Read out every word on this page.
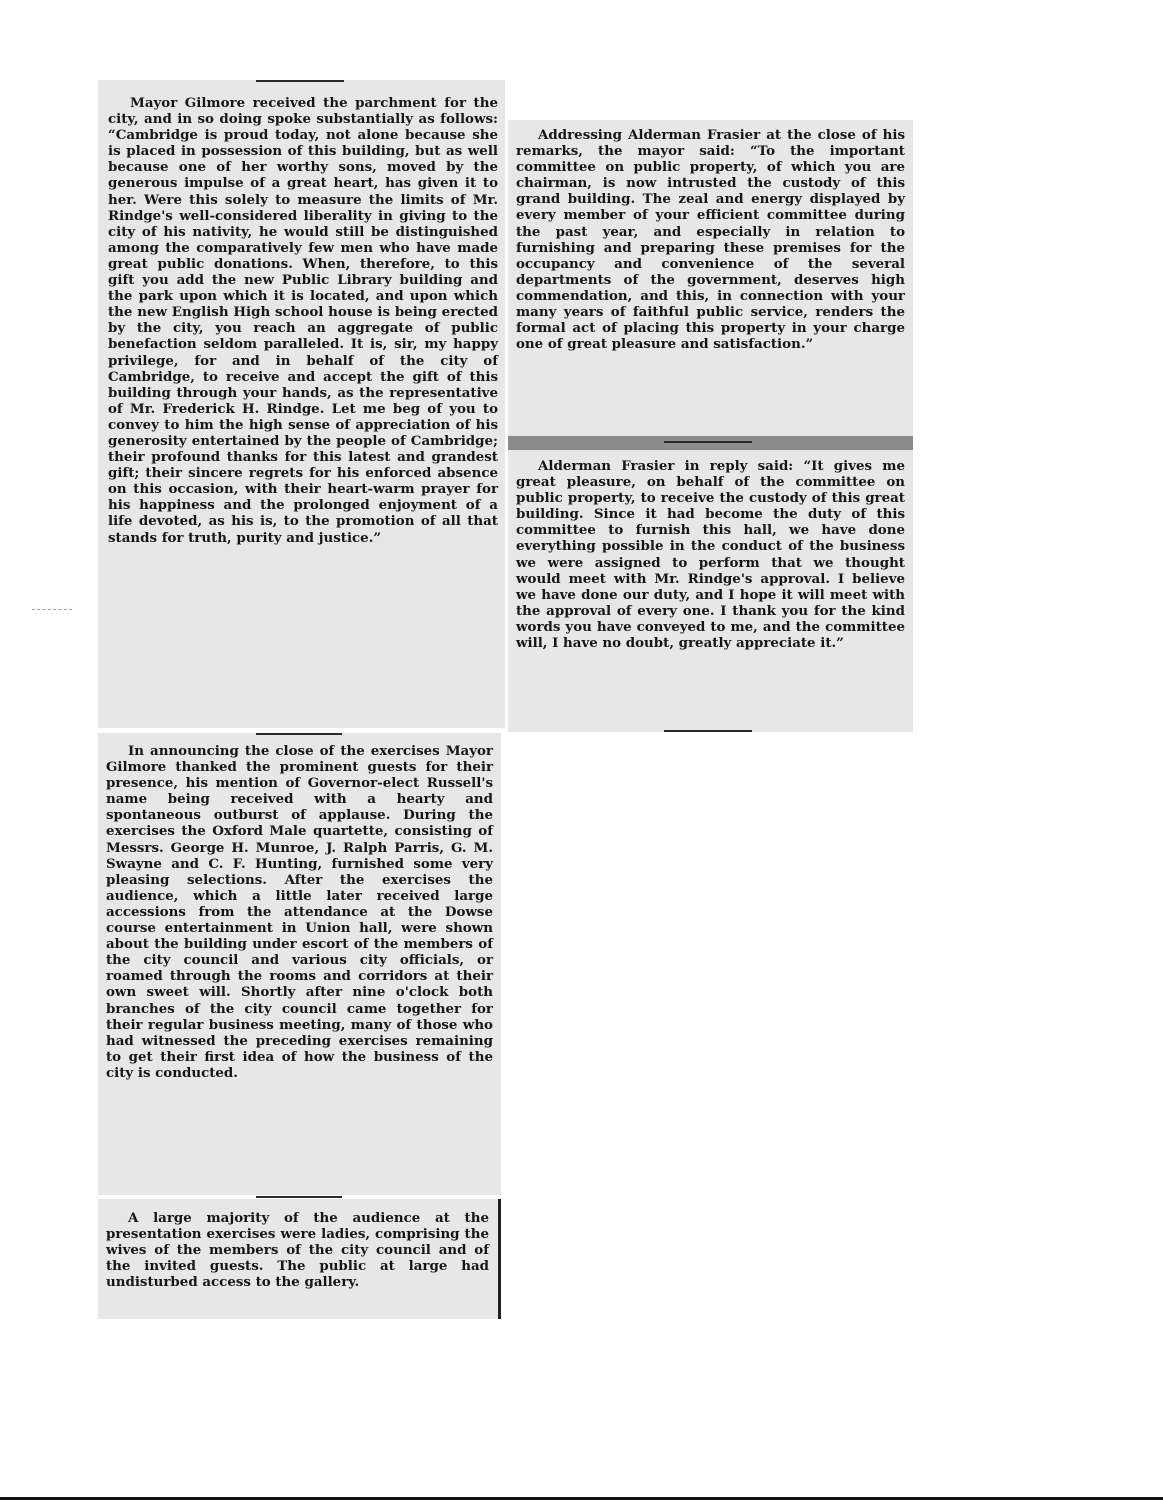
Mayor Gilmore received the parchment for the city, and in so doing spoke substantially as follows: “Cambridge is proud today, not alone because she is placed in possession of this building, but as well because one of her worthy sons, moved by the generous impulse of a great heart, has given it to her. Were this solely to measure the limits of Mr. Rindge's well-considered liberality in giving to the city of his nativity, he would still be distinguished among the comparatively few men who have made great public donations. When, therefore, to this gift you add the new Public Library building and the park upon which it is located, and upon which the new English High school house is being erected by the city, you reach an aggregate of public benefaction seldom paralleled. It is, sir, my happy privilege, for and in behalf of the city of Cambridge, to receive and accept the gift of this building through your hands, as the representative of Mr. Frederick H. Rindge. Let me beg of you to convey to him the high sense of appreciation of his generosity entertained by the people of Cambridge; their profound thanks for this latest and grandest gift; their sincere regrets for his enforced absence on this occasion, with their heart-warm prayer for his happiness and the prolonged enjoyment of a life devoted, as his is, to the promotion of all that stands for truth, purity and justice.”

Addressing Alderman Frasier at the close of his remarks, the mayor said: “To the important committee on public property, of which you are chairman, is now intrusted the custody of this grand building. The zeal and energy displayed by every member of your efficient committee during the past year, and especially in relation to furnishing and preparing these premises for the occupancy and convenience of the several departments of the government, deserves high commendation, and this, in connection with your many years of faithful public service, renders the formal act of placing this property in your charge one of great pleasure and satisfaction.”

Alderman Frasier in reply said: “It gives me great pleasure, on behalf of the committee on public property, to receive the custody of this great building. Since it had become the duty of this committee to furnish this hall, we have done everything possible in the conduct of the business we were assigned to perform that we thought would meet with Mr. Rindge's approval. I believe we have done our duty, and I hope it will meet with the approval of every one. I thank you for the kind words you have conveyed to me, and the committee will, I have no doubt, greatly appreciate it.”

In announcing the close of the exercises Mayor Gilmore thanked the prominent guests for their presence, his mention of Governor-elect Russell's name being received with a hearty and spontaneous outburst of applause. During the exercises the Oxford Male quartette, consisting of Messrs. George H. Munroe, J. Ralph Parris, G. M. Swayne and C. F. Hunting, furnished some very pleasing selections. After the exercises the audience, which a little later received large accessions from the attendance at the Dowse course entertainment in Union hall, were shown about the building under escort of the members of the city council and various city officials, or roamed through the rooms and corridors at their own sweet will. Shortly after nine o'clock both branches of the city council came together for their regular business meeting, many of those who had witnessed the preceding exercises remaining to get their first idea of how the business of the city is conducted.

A large majority of the audience at the presentation exercises were ladies, comprising the wives of the members of the city council and of the invited guests. The public at large had undisturbed access to the gallery.
